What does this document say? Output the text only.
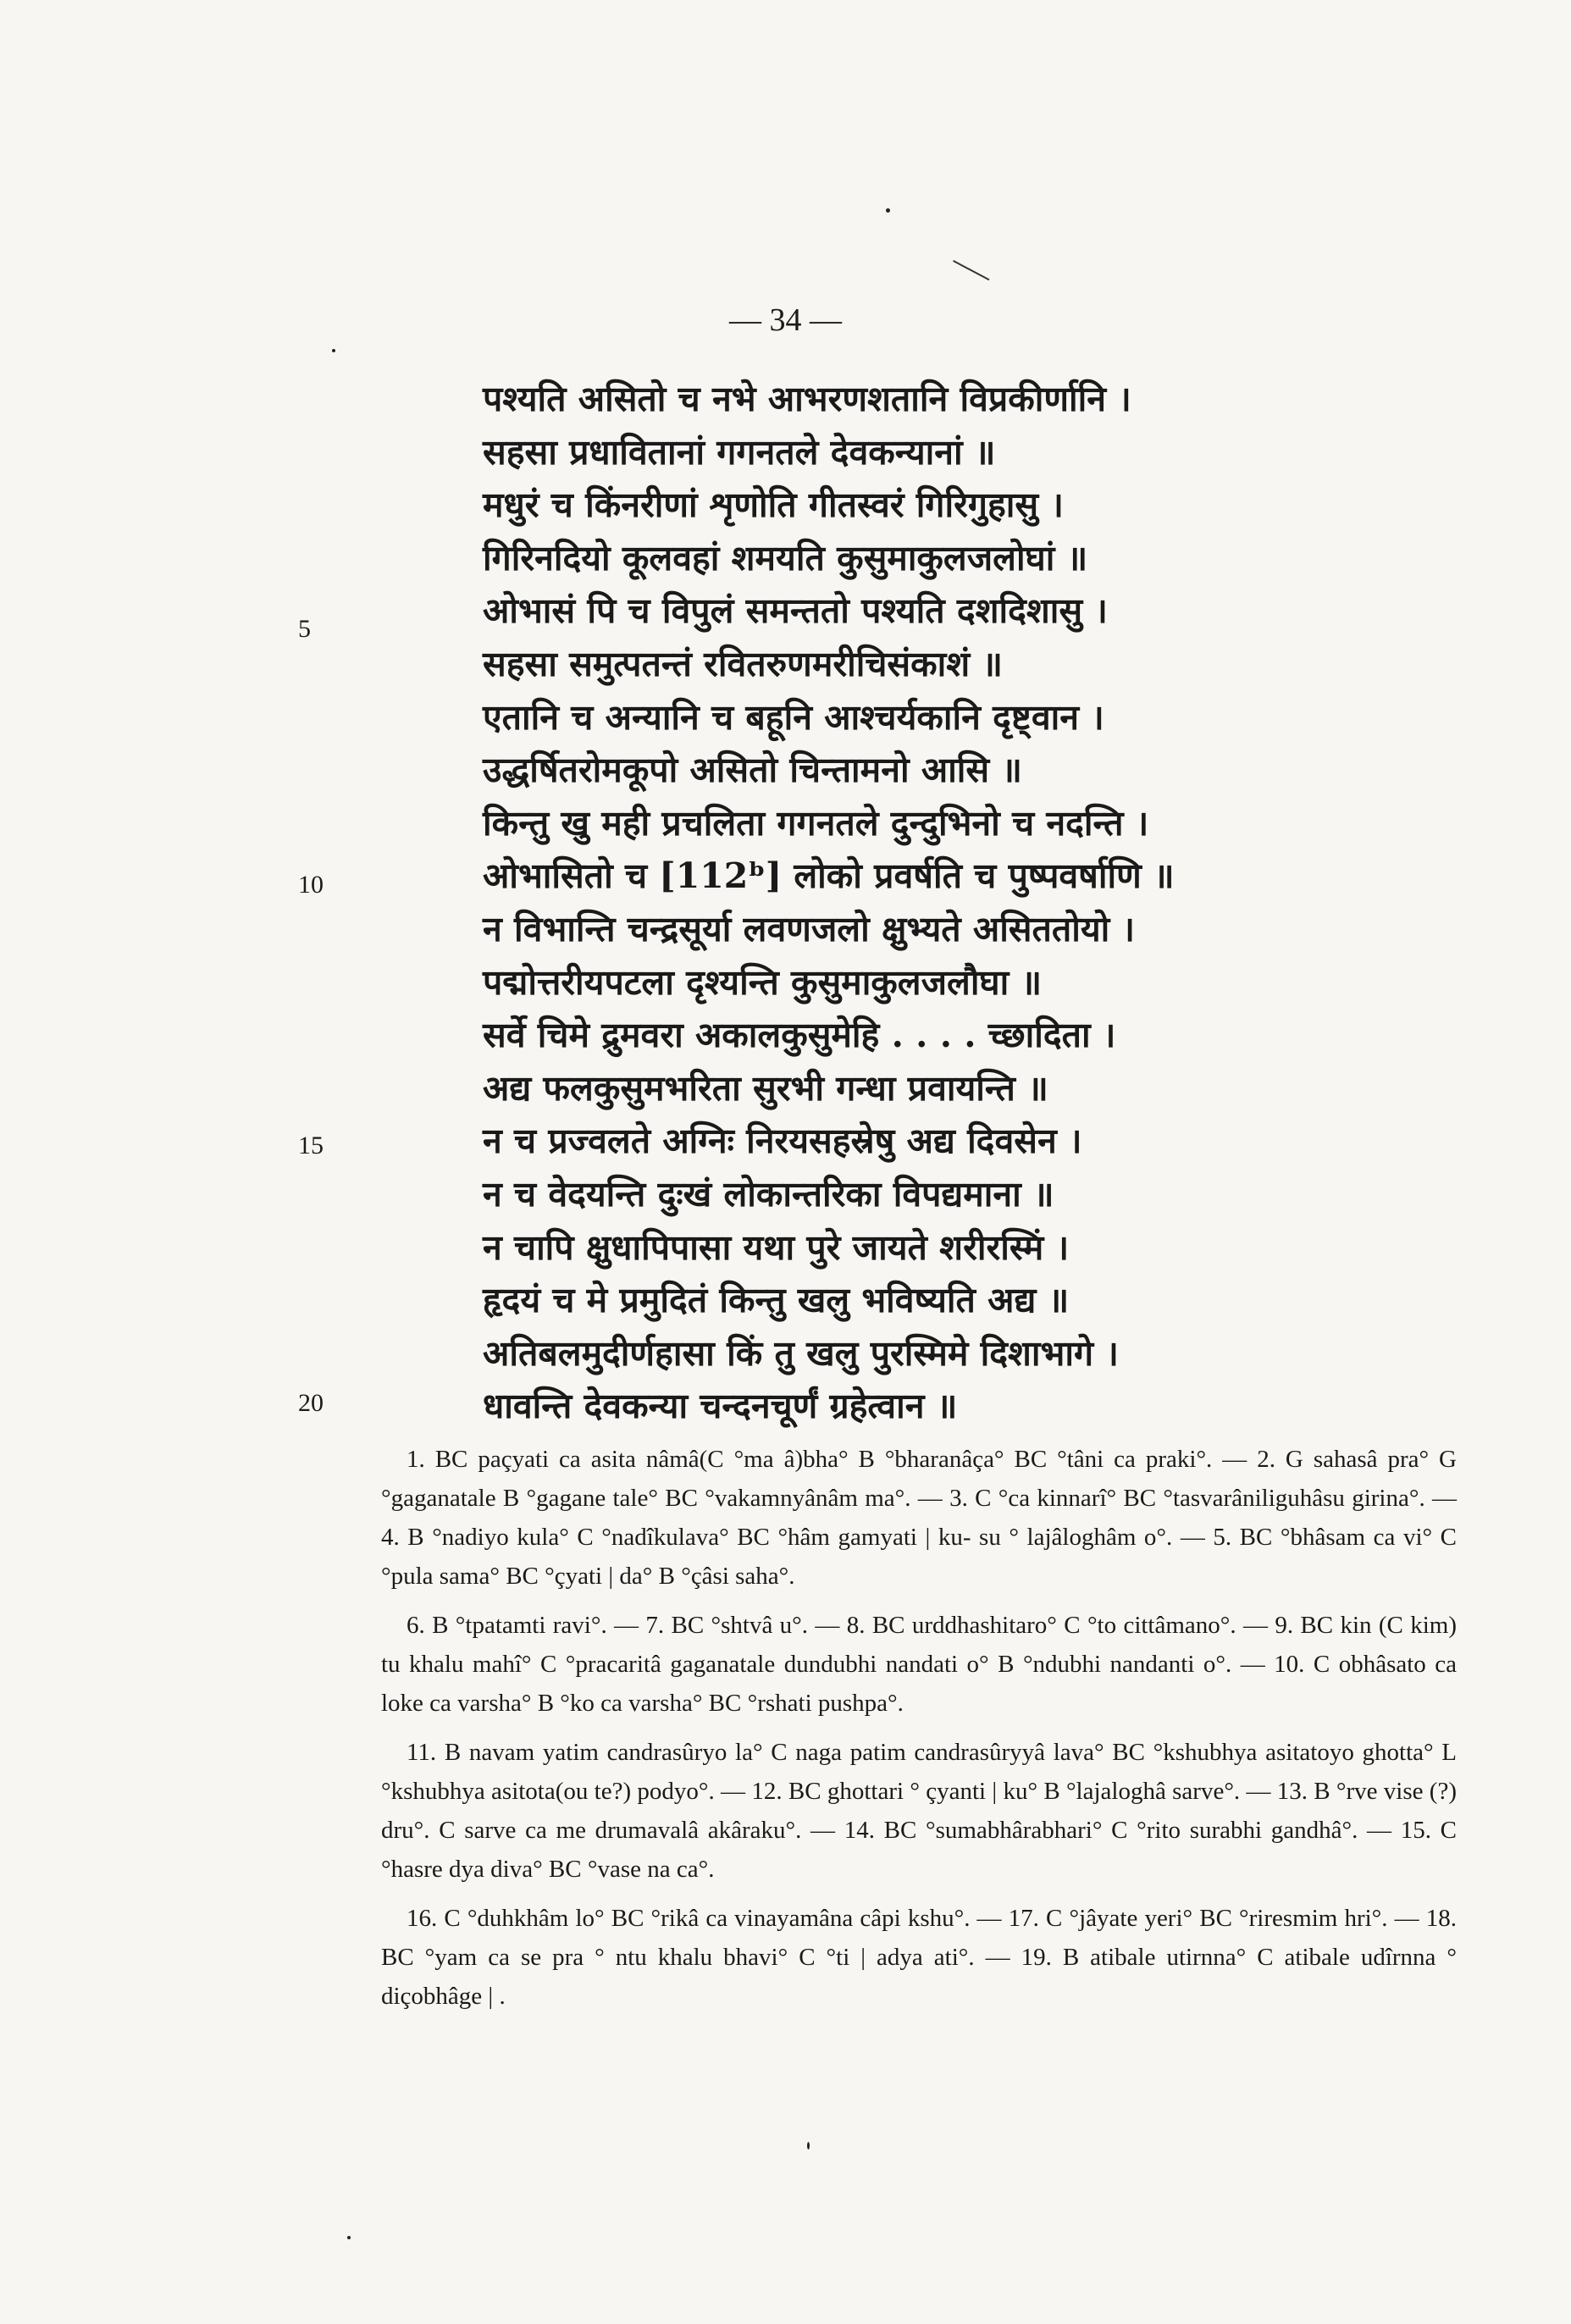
— 34 —
पश्यति असितो च नभे आभरणशतानि विप्रकीर्णानि ।
सहसा प्रधावितानां गगनतले देवकन्यानां ॥
मधुरं च किंनरीणां शृणोति गीतस्वरं गिरिगुहासु ।
गिरिनदियो कूलवहां शमयति कुसुमाकुलजलोघां ॥
ओभासं पि च विपुलं समन्ततो पश्यति दशदिशासु ।
सहसा समुत्पतन्तं रवितरुणमरीचिसंकाशं ॥
एतानि च अन्यानि च बहूनि आश्चर्यकानि दृष्ट्वान ।
उद्धर्षितरोमकूपो असितो चिन्तामनो आसि ॥
किन्तु खु मही प्रचलिता गगनतले दुन्दुभिनो च नदन्ति ।
ओभासितो च [112ᵇ] लोको प्रवर्षति च पुष्पवर्षाणि ॥
न विभान्ति चन्द्रसूर्या लवणजलो क्षुभ्यते असिततोयो ।
पद्मोत्तरीयपटला दृश्यन्ति कुसुमाकुलजलौघा ॥
सर्वे चिमे द्रुमवरा अकालकुसुमेहि . . . . च्छादिता ।
अद्य फलकुसुमभरिता सुरभी गन्धा प्रवायन्ति ॥
न च प्रज्वलते अग्निः निरयसहस्रेषु अद्य दिवसेन ।
न च वेदयन्ति दुःखं लोकान्तरिका विपद्यमाना ॥
न चापि क्षुधापिपासा यथा पुरे जायते शरीरस्मिं ।
हृदयं च मे प्रमुदितं किन्तु खलु भविष्यति अद्य ॥
अतिबलमुदीर्णहासा किं तु खलु पुरस्मिमे दिशाभागे ।
धावन्ति देवकन्या चन्दनचूर्णं ग्रहेत्वान ॥
5
10
15
20

1. BC paçyati ca asita nâmâ(C °ma â)bha° B °bharanâça° BC °tâni ca praki°. — 2. G sahasâ pra° G °gaganatale B °gagane tale° BC °vakamnyânâm ma°. — 3. C °ca kinnarî° BC °tasvarâniliguhâsu girina°. — 4. B °nadiyo kula° C °nadîkulava° BC °hâm gamyati | ku- su ° lajâloghâm o°. — 5. BC °bhâsam ca vi° C °pula sama° BC °çyati | da° B °çâsi saha°.

6. B °tpatamti ravi°. — 7. BC °shtvâ u°. — 8. BC urddhashitaro° C °to cittâmano°. — 9. BC kin (C kim) tu khalu mahî° C °pracaritâ gaganatale dundubhi nandati o° B °ndubhi nandanti o°. — 10. C obhâsato ca loke ca varsha° B °ko ca varsha° BC °rshati pushpa°.

11. B navam yatim candrasûryo la° C naga patim candrasûryyâ lava° BC °kshubhya asitatoyo ghotta° L °kshubhya asitota(ou te?) podyo°. — 12. BC ghottari ° çyanti | ku° B °lajaloghâ sarve°. — 13. B °rve vise (?) dru°. C sarve ca me drumavalâ akâraku°. — 14. BC °sumabhârabhari° C °rito surabhi gandhâ°. — 15. C °hasre dya diva° BC °vase na ca°.

16. C °duhkhâm lo° BC °rikâ ca vinayamâna câpi kshu°. — 17. C °jâyate yeri° BC °riresmim hri°. — 18. BC °yam ca se pra ° ntu khalu bhavi° C °ti | adya ati°. — 19. B atibale utirnna° C atibale udîrnna ° diçobhâge | .
